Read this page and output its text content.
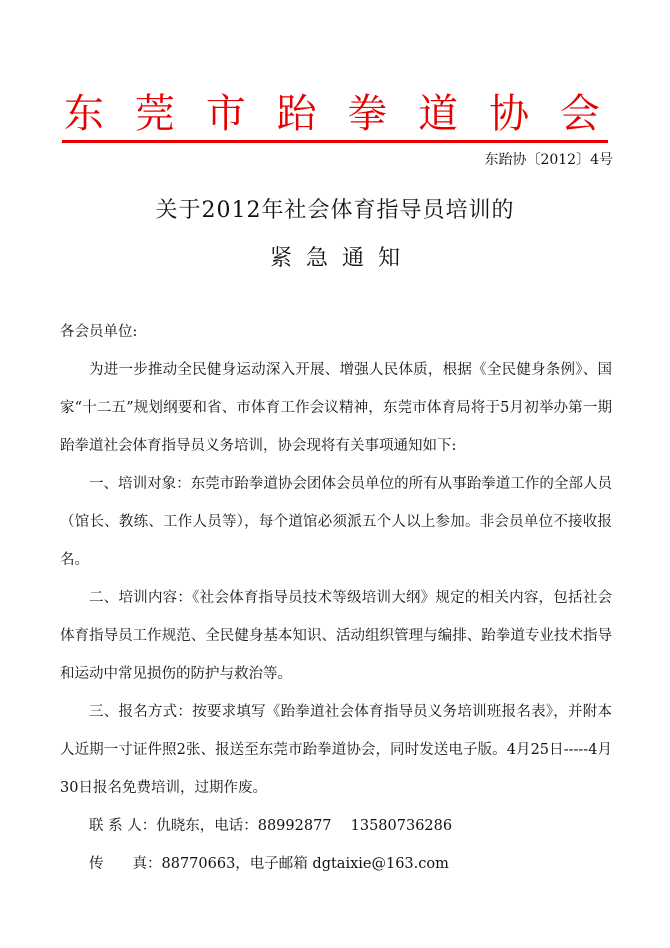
东 莞 市 跆 拳 道 协 会
东跆协〔2012〕4号
关于2012年社会体育指导员培训的
紧急通知

各会员单位:

为进一步推动全民健身运动深入开展、增强人民体质，根据《全民健身条例》、国家“十二五”规划纲要和省、市体育工作会议精神，东莞市体育局将于5月初举办第一期跆拳道社会体育指导员义务培训，协会现将有关事项通知如下:

一、培训对象：东莞市跆拳道协会团体会员单位的所有从事跆拳道工作的全部人员（馆长、教练、工作人员等），每个道馆必须派五个人以上参加。非会员单位不接收报名。

二、培训内容：《社会体育指导员技术等级培训大纲》规定的相关内容，包括社会体育指导员工作规范、全民健身基本知识、活动组织管理与编排、跆拳道专业技术指导和运动中常见损伤的防护与救治等。

三、报名方式：按要求填写《跆拳道社会体育指导员义务培训班报名表》，并附本人近期一寸证件照2张、报送至东莞市跆拳道协会，同时发送电子版。4月25日-----4月30日报名免费培训，过期作废。

联 系 人：仇晓东，电话：88992877　 13580736286

传　　真：88770663，电子邮箱 dgtaixie@163.com
